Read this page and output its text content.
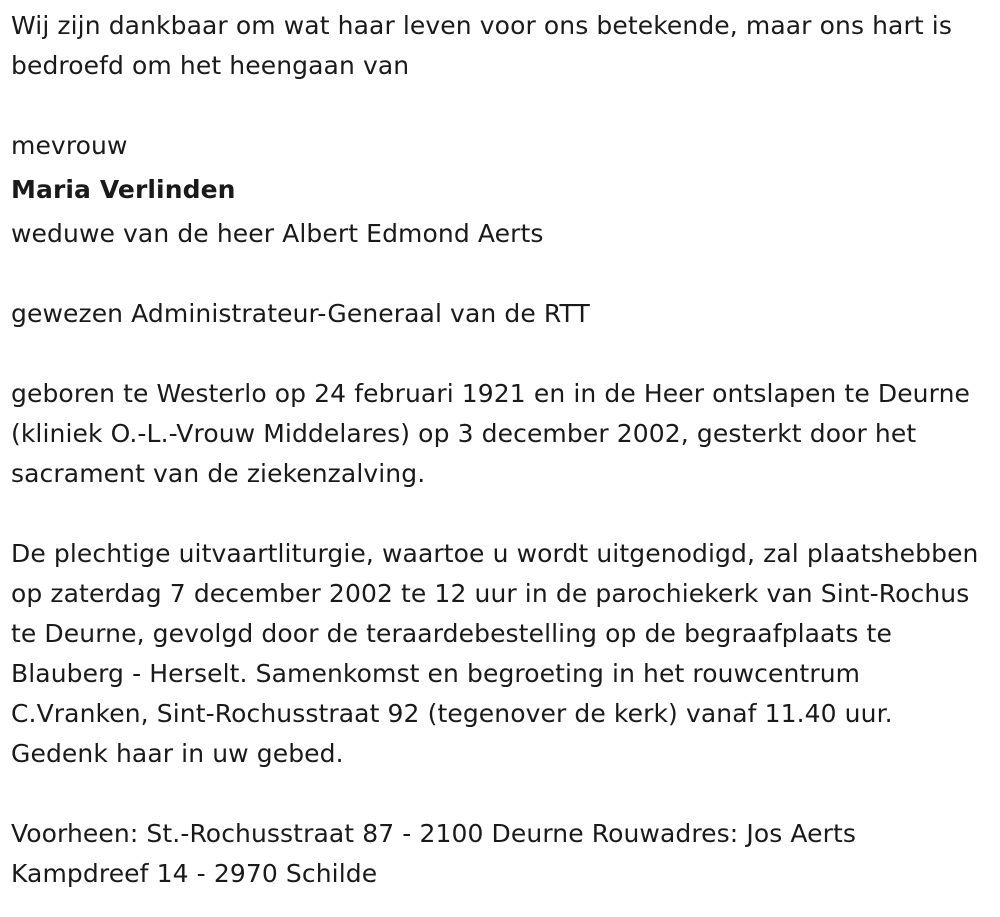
Wij zijn dankbaar om wat haar leven voor ons betekende, maar ons hart is bedroefd om het heengaan van

mevrouw

Maria Verlinden

weduwe van de heer Albert Edmond Aerts

gewezen Administrateur-Generaal van de RTT

geboren te Westerlo op 24 februari 1921 en in de Heer ontslapen te Deurne (kliniek O.-L.-Vrouw Middelares) op 3 december 2002, gesterkt door het sacrament van de ziekenzalving.

De plechtige uitvaartliturgie, waartoe u wordt uitgenodigd, zal plaatshebben op zaterdag 7 december 2002 te 12 uur in de parochiekerk van Sint-Rochus te Deurne, gevolgd door de teraardebestelling op de begraafplaats te Blauberg - Herselt. Samenkomst en begroeting in het rouwcentrum C.Vranken, Sint-Rochusstraat 92 (tegenover de kerk) vanaf 11.40 uur. Gedenk haar in uw gebed.

Voorheen: St.-Rochusstraat 87 - 2100 Deurne Rouwadres: Jos Aerts Kampdreef 14 - 2970 Schilde
